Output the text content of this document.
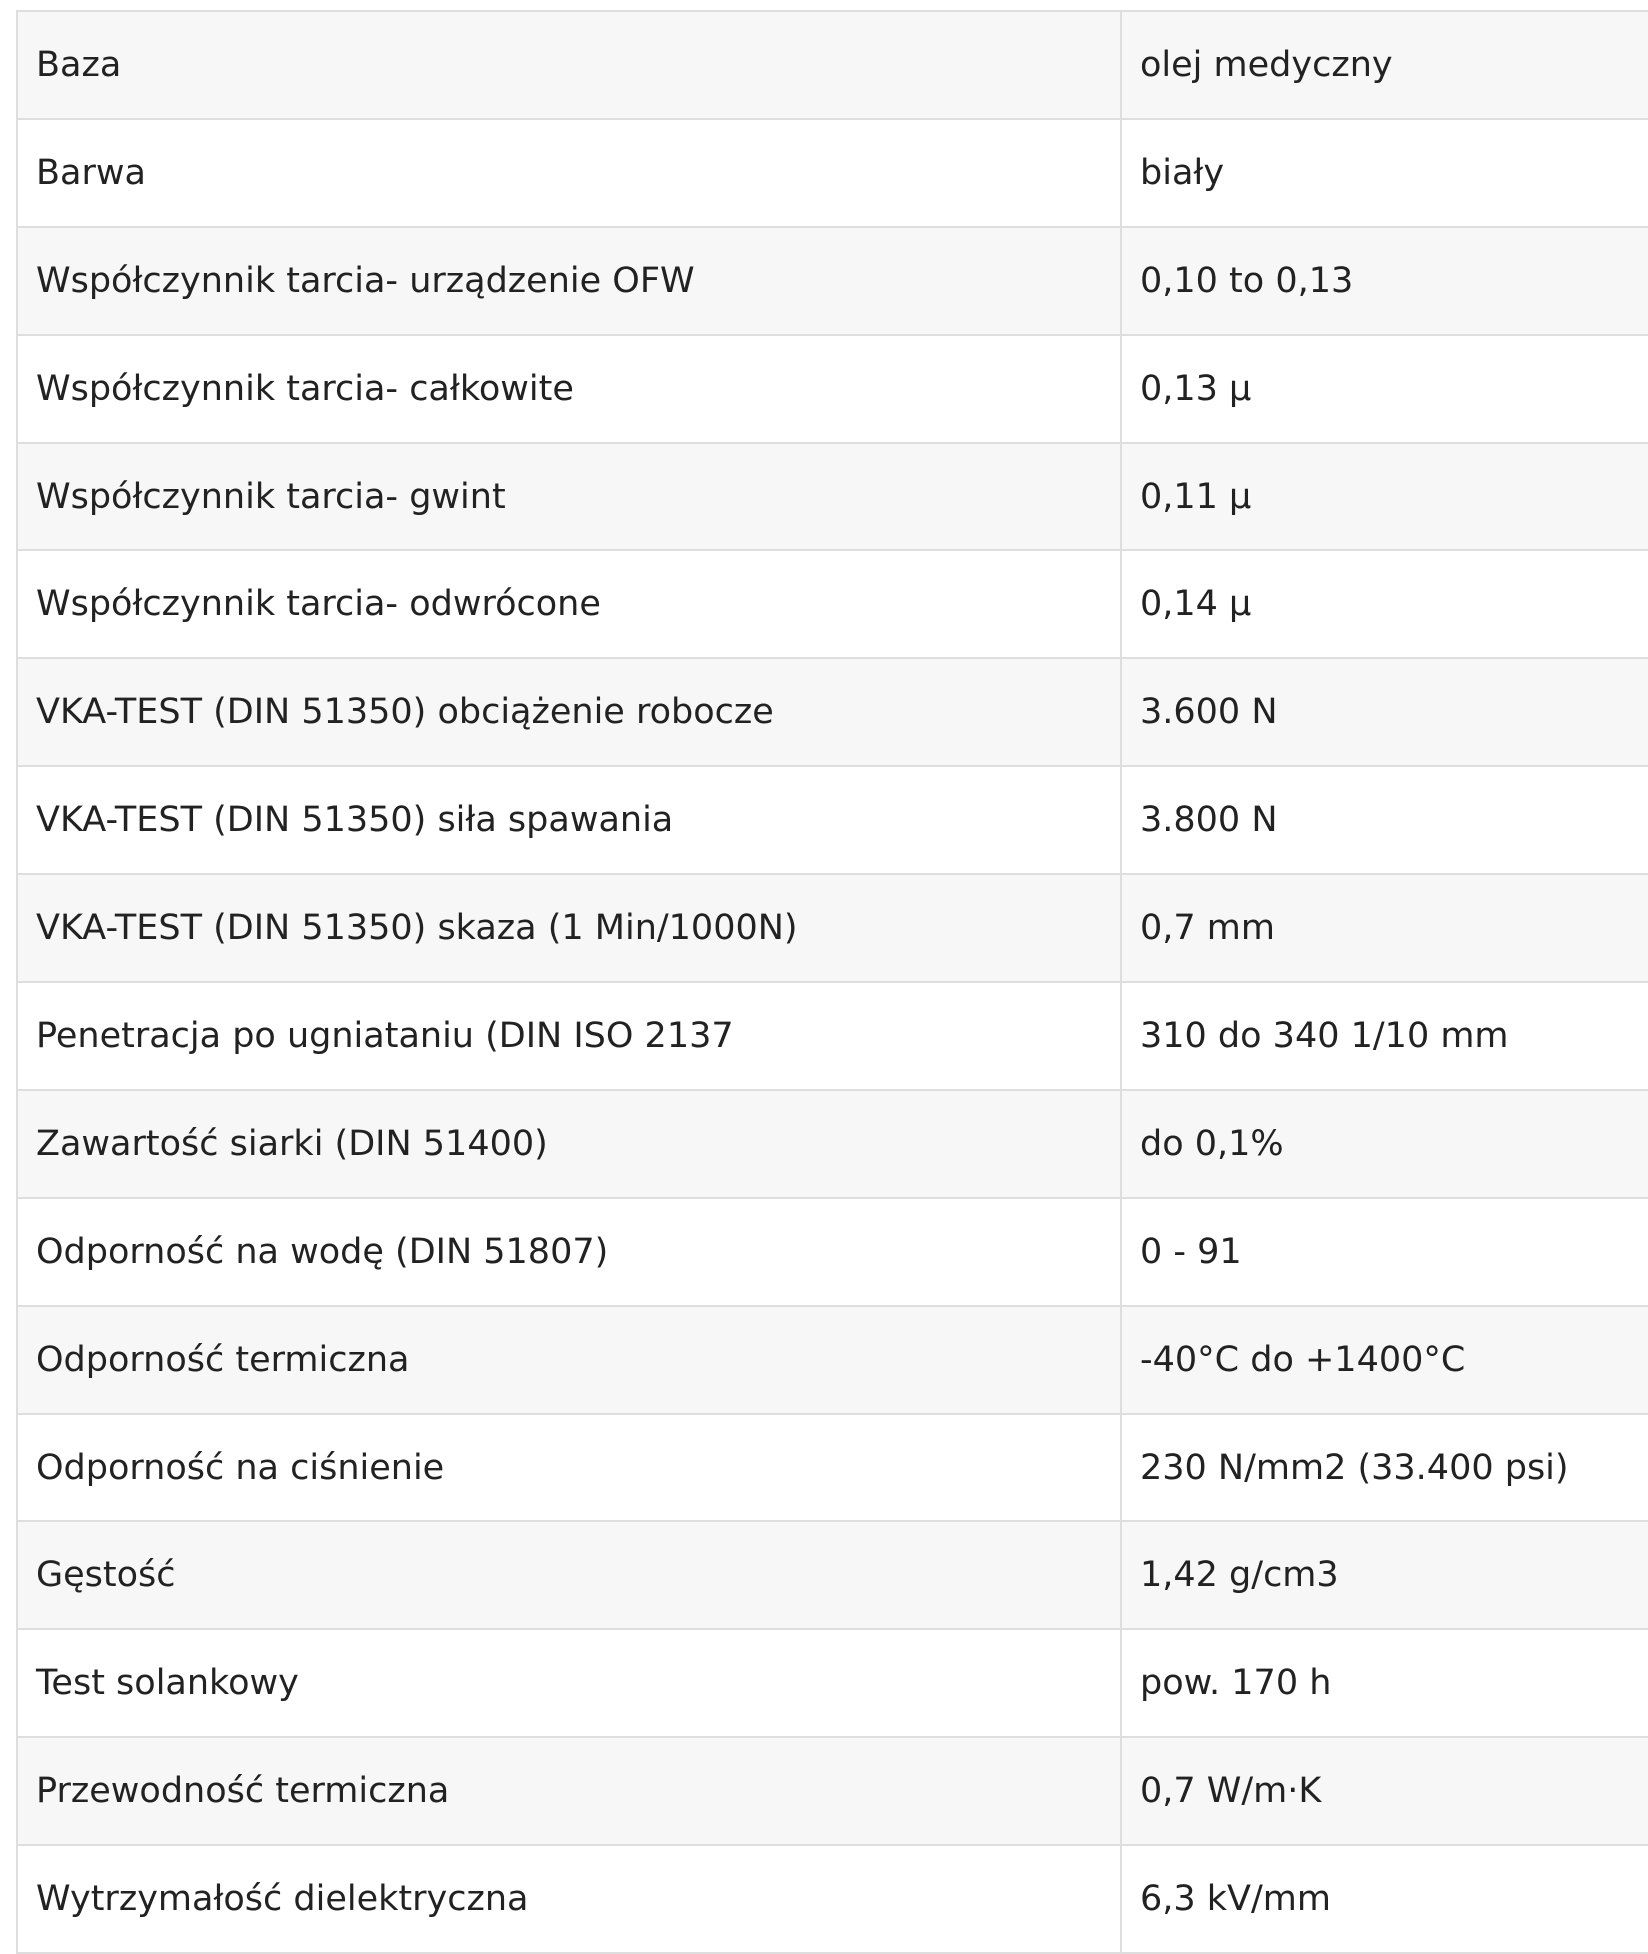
Baza	olej medyczny
Barwa	biały
Współczynnik tarcia- urządzenie OFW	0,10 to 0,13
Współczynnik tarcia- całkowite	0,13 μ
Współczynnik tarcia- gwint	0,11 μ
Współczynnik tarcia- odwrócone	0,14 μ
VKA-TEST (DIN 51350) obciążenie robocze	3.600 N
VKA-TEST (DIN 51350) siła spawania	3.800 N
VKA-TEST (DIN 51350) skaza (1 Min/1000N)	0,7 mm
Penetracja po ugniataniu (DIN ISO 2137	310 do 340 1/10 mm
Zawartość siarki (DIN 51400)	do 0,1%
Odporność na wodę (DIN 51807)	0 - 91
Odporność termiczna	-40°C do +1400°C
Odporność na ciśnienie	230 N/mm2 (33.400 psi)
Gęstość	1,42 g/cm3
Test solankowy	pow. 170 h
Przewodność termiczna	0,7 W/m·K
Wytrzymałość dielektryczna	6,3 kV/mm
